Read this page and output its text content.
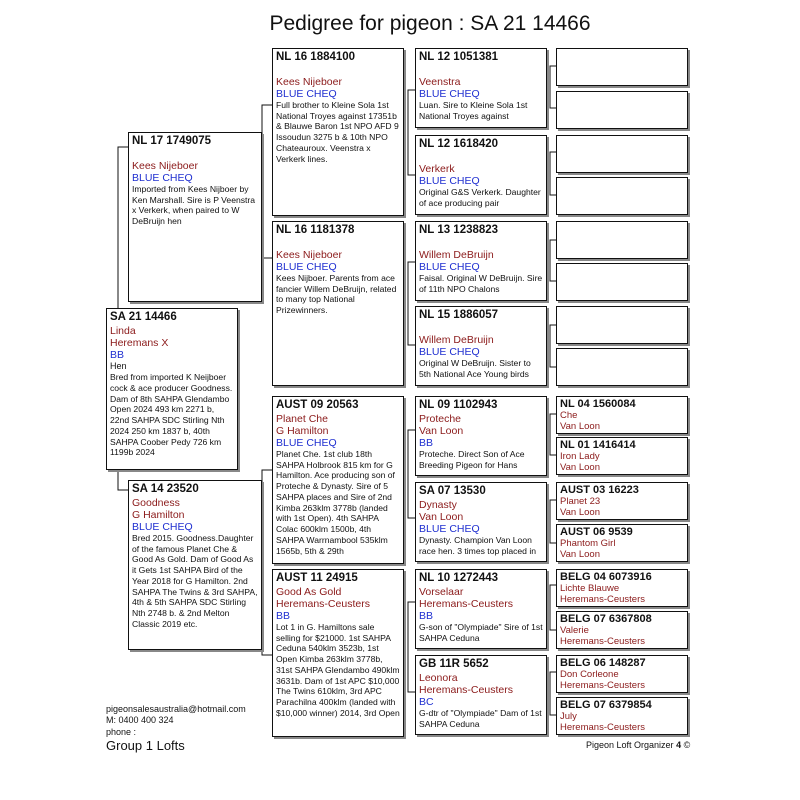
Pedigree for pigeon : SA 21 14466
SA 21 14466
Linda
Heremans X
BB
Hen
Bred from imported K Neijboer cock & ace producer Goodness. Dam of 8th SAHPA Glendambo Open 2024 493 km 2271 b, 22nd SAHPA SDC Stirling Nth 2024 250 km 1837 b, 40th SAHPA Coober Pedy 726 km 1199b 2024
NL 17 1749075
Kees Nijeboer
BLUE CHEQ
Imported from Kees Nijboer by Ken Marshall. Sire is P Veenstra x Verkerk, when paired to W DeBruijn hen
SA 14 23520
Goodness
G Hamilton
BLUE CHEQ
Bred 2015. Goodness.Daughter of the famous Planet Che & Good As Gold. Dam of Good As it Gets 1st SAHPA Bird of the Year 2018 for G Hamilton. 2nd SAHPA The Twins & 3rd SAHPA, 4th & 5th SAHPA SDC Stirling Nth 2748 b. & 2nd Melton Classic 2019 etc.
NL 16 1884100
Kees Nijeboer
BLUE CHEQ
Full brother to Kleine Sola 1st National Troyes against 17351b & Blauwe Baron 1st NPO AFD 9 Issoudun 3275 b & 10th NPO Chateauroux. Veenstra x Verkerk lines.
NL 16 1181378
Kees Nijeboer
BLUE CHEQ
Kees Nijboer. Parents from ace fancier Willem DeBruijn, related to many top National Prizewinners.
AUST 09 20563
Planet Che
G Hamilton
BLUE CHEQ
Planet Che. 1st club 18th SAHPA Holbrook 815 km for G Hamilton. Ace producing son of Proteche & Dynasty. Sire of 5 SAHPA places and Sire of 2nd Kimba 263klm 3778b (landed with 1st Open). 4th SAHPA Colac 600klm 1500b, 4th SAHPA Warrnambool 535klm 1565b, 5th & 29th
AUST 11 24915
Good As Gold
Heremans-Ceusters
BB
Lot 1 in G. Hamiltons sale selling for $21000. 1st SAHPA Ceduna 540klm 3523b, 1st Open Kimba 263klm 3778b, 31st SAHPA Glendambo 490klm 3631b. Dam of 1st APC $10,000 The Twins 610klm, 3rd APC Parachilna 400klm (landed with $10,000 winner) 2014, 3rd Open
NL 12 1051381
Veenstra
BLUE CHEQ
Luan. Sire to Kleine Sola 1st National Troyes against
NL 12 1618420
Verkerk
BLUE CHEQ
Original G&S Verkerk. Daughter of ace producing pair
NL 13 1238823
Willem DeBruijn
BLUE CHEQ
Faisal. Original W DeBruijn. Sire of 11th NPO Chalons
NL 15 1886057
Willem DeBruijn
BLUE CHEQ
Original W DeBruijn. Sister to 5th National Ace Young birds
NL 09 1102943
Proteche
Van Loon
BB
Proteche. Direct Son of Ace Breeding Pigeon for Hans
SA 07 13530
Dynasty
Van Loon
BLUE CHEQ
Dynasty. Champion Van Loon race hen. 3 times top placed in
NL 10 1272443
Vorselaar
Heremans-Ceusters
BB
G-son of "Olympiade" Sire of 1st SAHPA Ceduna
GB 11R 5652
Leonora
Heremans-Ceusters
BC
G-dtr of "Olympiade" Dam of 1st SAHPA Ceduna
NL 04 1560084
Che
Van Loon
NL 01 1416414
Iron Lady
Van Loon
AUST 03 16223
Planet 23
Van Loon
AUST 06 9539
Phantom Girl
Van Loon
BELG 04 6073916
Lichte Blauwe
Heremans-Ceusters
BELG 07 6367808
Valerie
Heremans-Ceusters
BELG 06 148287
Don Corleone
Heremans-Ceusters
BELG 07 6379854
July
Heremans-Ceusters
pigeonsalesaustralia@hotmail.com
M: 0400 400 324
phone :
Group 1 Lofts	Pigeon Loft Organizer 4 ©
